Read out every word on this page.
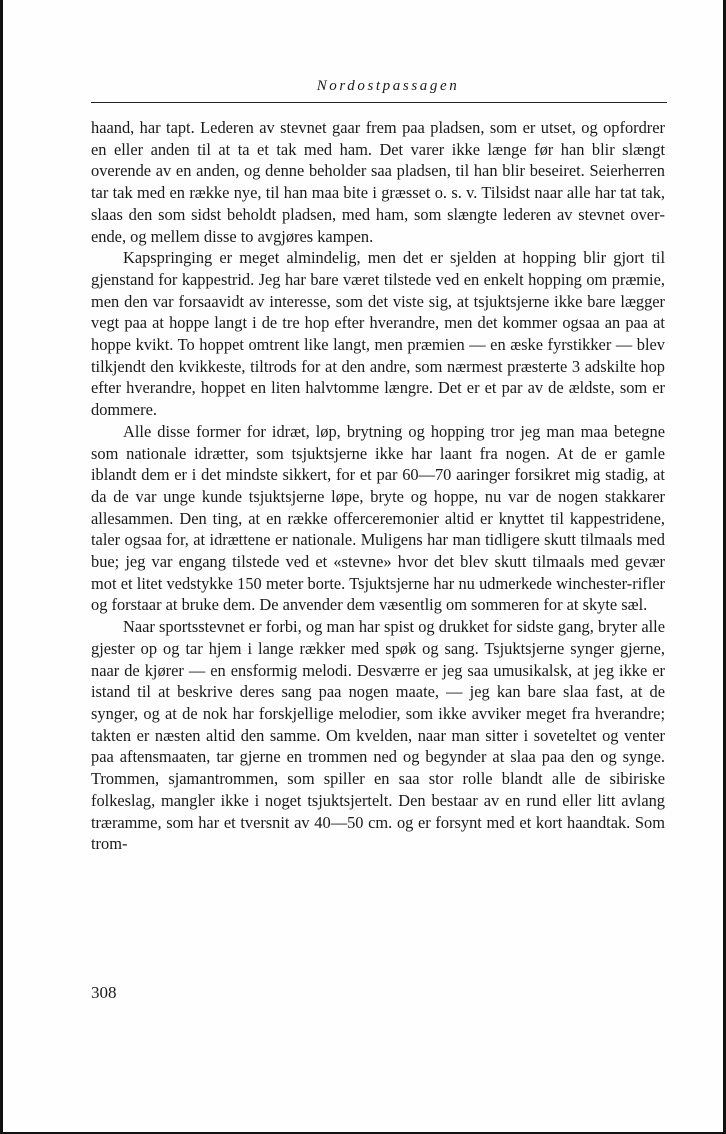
Nordostpassagen

haand, har tapt. Lederen av stevnet gaar frem paa pladsen, som er utset, og opfordrer en eller anden til at ta et tak med ham. Det varer ikke længe før han blir slængt overende av en anden, og denne beholder saa pladsen, til han blir beseiret. Seierherren tar tak med en række nye, til han maa bite i græsset o. s. v. Tilsidst naar alle har tat tak, slaas den som sidst beholdt pladsen, med ham, som slængte lederen av stevnet overende, og mellem disse to avgjøres kampen.

Kapspringing er meget almindelig, men det er sjelden at hopping blir gjort til gjenstand for kappestrid. Jeg har bare været tilstede ved en enkelt hopping om præmie, men den var forsaavidt av interesse, som det viste sig, at tsjuktsjerne ikke bare lægger vegt paa at hoppe langt i de tre hop efter hverandre, men det kommer ogsaa an paa at hoppe kvikt. To hoppet omtrent like langt, men præmien — en æske fyrstikker — blev tilkjendt den kvikkeste, tiltrods for at den andre, som nærmest præsterte 3 adskilte hop efter hverandre, hoppet en liten halvtomme længre. Det er et par av de ældste, som er dommere.

Alle disse former for idræt, løp, brytning og hopping tror jeg man maa betegne som nationale idrætter, som tsjuktsjerne ikke har laant fra nogen. At de er gamle iblandt dem er i det mindste sikkert, for et par 60—70 aaringer forsikret mig stadig, at da de var unge kunde tsjuktsjerne løpe, bryte og hoppe, nu var de nogen stakkarer allesammen. Den ting, at en række offerceremonier altid er knyttet til kappestridene, taler ogsaa for, at idrættene er nationale. Muligens har man tidligere skutt tilmaals med bue; jeg var engang tilstede ved et «stevne» hvor det blev skutt tilmaals med gevær mot et litet vedstykke 150 meter borte. Tsjuktsjerne har nu udmerkede winchester-rifler og forstaar at bruke dem. De anvender dem væsentlig om sommeren for at skyte sæl.

Naar sportsstevnet er forbi, og man har spist og drukket for sidste gang, bryter alle gjester op og tar hjem i lange rækker med spøk og sang. Tsjuktsjerne synger gjerne, naar de kjører — en ensformig melodi. Desværre er jeg saa umusikalsk, at jeg ikke er istand til at beskrive deres sang paa nogen maate, — jeg kan bare slaa fast, at de synger, og at de nok har forskjellige melodier, som ikke avviker meget fra hverandre; takten er næsten altid den samme. Om kvelden, naar man sitter i soveteltet og venter paa aftensmaaten, tar gjerne en trommen ned og begynder at slaa paa den og synge. Trommen, sjamantrommen, som spiller en saa stor rolle blandt alle de sibiriske folkeslag, mangler ikke i noget tsjuktsjertelt. Den bestaar av en rund eller litt avlang træramme, som har et tversnit av 40—50 cm. og er forsynt med et kort haandtak. Som trom-

308
